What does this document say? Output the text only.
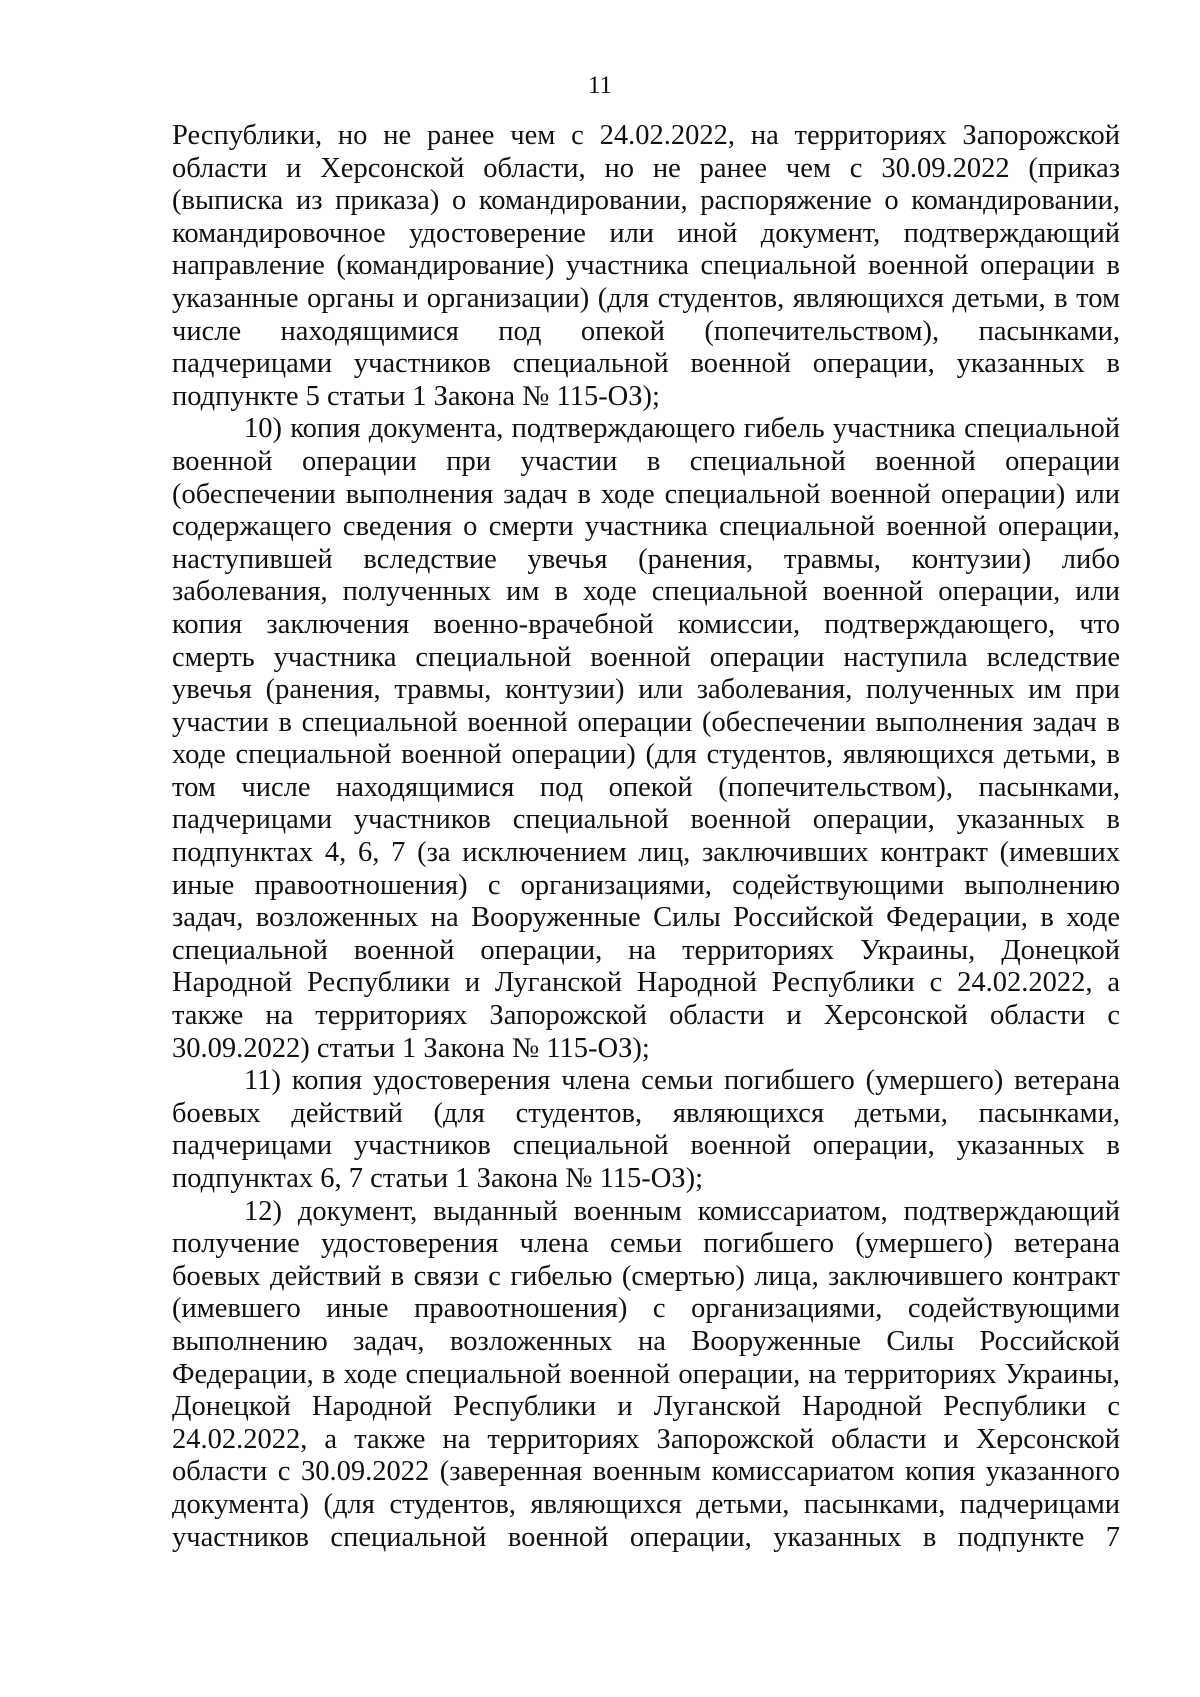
11

Республики, но не ранее чем с 24.02.2022, на территориях Запорожской области и Херсонской области, но не ранее чем с 30.09.2022 (приказ (выписка из приказа) о командировании, распоряжение о командировании, командировочное удостоверение или иной документ, подтверждающий направление (командирование) участника специальной военной операции в указанные органы и организации) (для студентов, являющихся детьми, в том числе находящимися под опекой (попечительством), пасынками, падчерицами участников специальной военной операции, указанных в подпункте 5 статьи 1 Закона № 115-ОЗ);

10) копия документа, подтверждающего гибель участника специальной военной операции при участии в специальной военной операции (обеспечении выполнения задач в ходе специальной военной операции) или содержащего сведения о смерти участника специальной военной операции, наступившей вследствие увечья (ранения, травмы, контузии) либо заболевания, полученных им в ходе специальной военной операции, или копия заключения военно-врачебной комиссии, подтверждающего, что смерть участника специальной военной операции наступила вследствие увечья (ранения, травмы, контузии) или заболевания, полученных им при участии в специальной военной операции (обеспечении выполнения задач в ходе специальной военной операции) (для студентов, являющихся детьми, в том числе находящимися под опекой (попечительством), пасынками, падчерицами участников специальной военной операции, указанных в подпунктах 4, 6, 7 (за исключением лиц, заключивших контракт (имевших иные правоотношения) с организациями, содействующими выполнению задач, возложенных на Вооруженные Силы Российской Федерации, в ходе специальной военной операции, на территориях Украины, Донецкой Народной Республики и Луганской Народной Республики с 24.02.2022, а также на территориях Запорожской области и Херсонской области с 30.09.2022) статьи 1 Закона № 115-ОЗ);

11) копия удостоверения члена семьи погибшего (умершего) ветерана боевых действий (для студентов, являющихся детьми, пасынками, падчерицами участников специальной военной операции, указанных в подпунктах 6, 7 статьи 1 Закона № 115-ОЗ);

12) документ, выданный военным комиссариатом, подтверждающий получение удостоверения члена семьи погибшего (умершего) ветерана боевых действий в связи с гибелью (смертью) лица, заключившего контракт (имевшего иные правоотношения) с организациями, содействующими выполнению задач, возложенных на Вооруженные Силы Российской Федерации, в ходе специальной военной операции, на территориях Украины, Донецкой Народной Республики и Луганской Народной Республики с 24.02.2022, а также на территориях Запорожской области и Херсонской области с 30.09.2022 (заверенная военным комиссариатом копия указанного документа) (для студентов, являющихся детьми, пасынками, падчерицами участников специальной военной операции, указанных в подпункте 7
